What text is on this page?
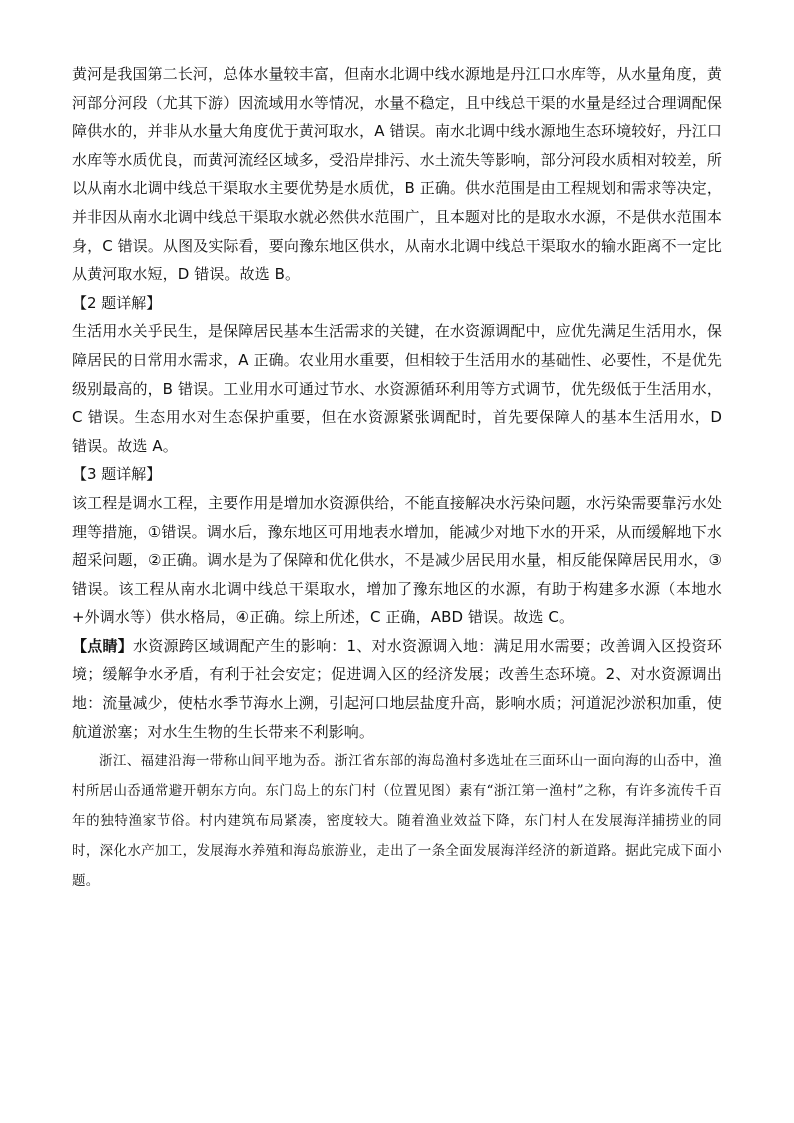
黄河是我国第二长河，总体水量较丰富，但南水北调中线水源地是丹江口水库等，从水量角度，黄河部分河段（尤其下游）因流域用水等情况，水量不稳定，且中线总干渠的水量是经过合理调配保障供水的，并非从水量大角度优于黄河取水，A 错误。南水北调中线水源地生态环境较好，丹江口水库等水质优良，而黄河流经区域多，受沿岸排污、水土流失等影响，部分河段水质相对较差，所以从南水北调中线总干渠取水主要优势是水质优，B 正确。供水范围是由工程规划和需求等决定，并非因从南水北调中线总干渠取水就必然供水范围广，且本题对比的是取水水源，不是供水范围本身，C 错误。从图及实际看，要向豫东地区供水，从南水北调中线总干渠取水的输水距离不一定比从黄河取水短，D 错误。故选 B。

【2 题详解】

生活用水关乎民生，是保障居民基本生活需求的关键，在水资源调配中，应优先满足生活用水，保障居民的日常用水需求，A 正确。农业用水重要，但相较于生活用水的基础性、必要性，不是优先级别最高的，B 错误。工业用水可通过节水、水资源循环利用等方式调节，优先级低于生活用水，C 错误。生态用水对生态保护重要，但在水资源紧张调配时，首先要保障人的基本生活用水，D 错误。故选 A。

【3 题详解】

该工程是调水工程，主要作用是增加水资源供给，不能直接解决水污染问题，水污染需要靠污水处理等措施，①错误。调水后，豫东地区可用地表水增加，能减少对地下水的开采，从而缓解地下水超采问题，②正确。调水是为了保障和优化供水，不是减少居民用水量，相反能保障居民用水，③错误。该工程从南水北调中线总干渠取水，增加了豫东地区的水源，有助于构建多水源（本地水+外调水等）供水格局，④正确。综上所述，C 正确，ABD 错误。故选 C。

【点睛】水资源跨区域调配产生的影响：1、对水资源调入地：满足用水需要；改善调入区投资环境；缓解争水矛盾，有利于社会安定；促进调入区的经济发展；改善生态环境。2、对水资源调出地：流量减少，使枯水季节海水上溯，引起河口地层盐度升高，影响水质；河道泥沙淤积加重，使航道淤塞；对水生生物的生长带来不利影响。

浙江、福建沿海一带称山间平地为岙。浙江省东部的海岛渔村多选址在三面环山一面向海的山岙中，渔村所居山岙通常避开朝东方向。东门岛上的东门村（位置见图）素有“浙江第一渔村”之称，有许多流传千百年的独特渔家节俗。村内建筑布局紧凑，密度较大。随着渔业效益下降，东门村人在发展海洋捕捞业的同时，深化水产加工，发展海水养殖和海岛旅游业，走出了一条全面发展海洋经济的新道路。据此完成下面小题。
